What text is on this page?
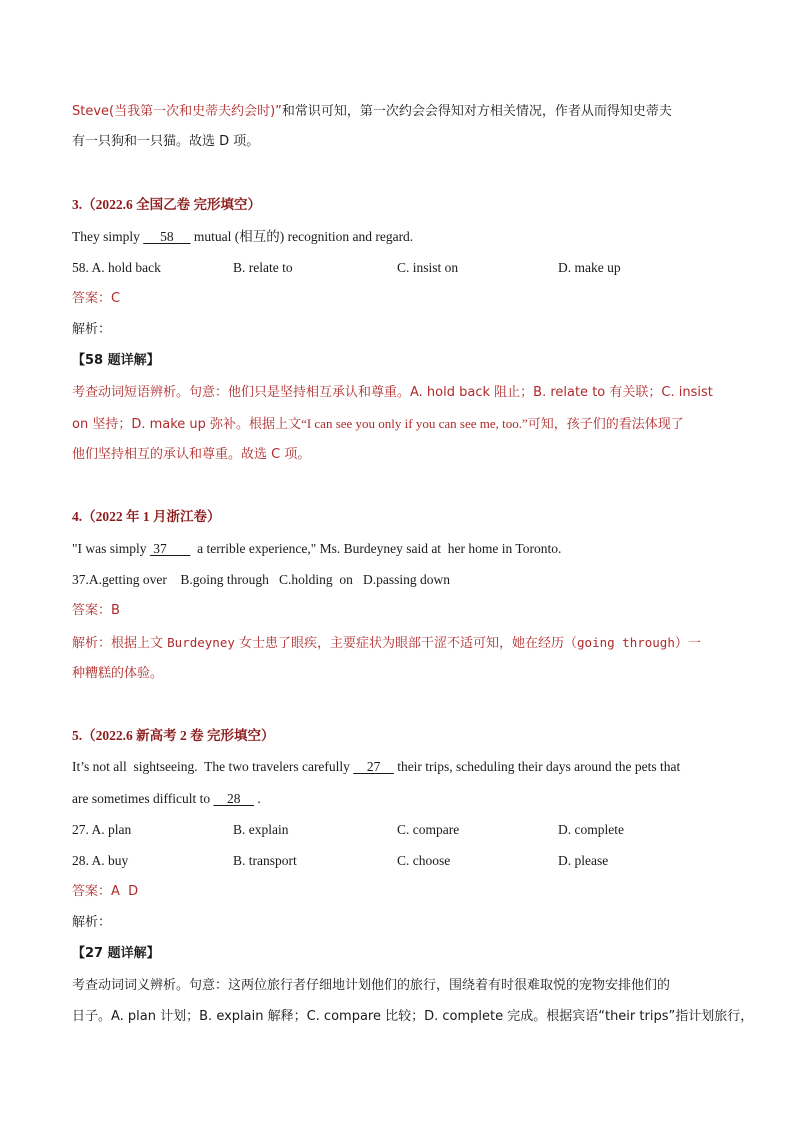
Steve(当我第一次和史蒂夫约会时)”和常识可知，第一次约会会得知对方相关情况，作者从而得知史蒂夫
有一只狗和一只猫。故选 D 项。
3.（2022.6 全国乙卷 完形填空）
They simply      58      mutual (相互的) recognition and regard.
58. A. hold back	B. relate to	C. insist on	D. make up
答案：C
解析：
【58 题详解】
考查动词短语辨析。句意：他们只是坚持相互承认和尊重。A. hold back 阻止；B. relate to 有关联；C. insist
on 坚持；D. make up 弥补。根据上文“I can see you only if you can see me, too.”可知，孩子们的看法体现了
他们坚持相互的承认和尊重。故选 C 项。
4.（2022 年 1 月浙江卷）
"I was simply  37         a terrible experience," Ms. Burdeyney said at  her home in Toronto.
37.A.getting over    B.going through   C.holding  on   D.passing down
答案：B
解析：根据上文 Burdeyney 女士患了眼疾，主要症状为眼部干涩不适可知，她在经历（going through）一
种糟糕的体验。
5.（2022.6 新高考 2 卷 完形填空）
It’s not all  sightseeing.  The two travelers carefully     27     their trips, scheduling their days around the pets that
are sometimes difficult to     28     .
27. A. plan	B. explain	C. compare	D. complete
28. A. buy	B. transport	C. choose	D. please
答案：A  D
解析：
【27 题详解】
考查动词词义辨析。句意：这两位旅行者仔细地计划他们的旅行，围绕着有时很难取悦的宠物安排他们的
日子。A. plan 计划；B. explain 解释；C. compare 比较；D. complete 完成。根据宾语“their trips”指计划旅行，
